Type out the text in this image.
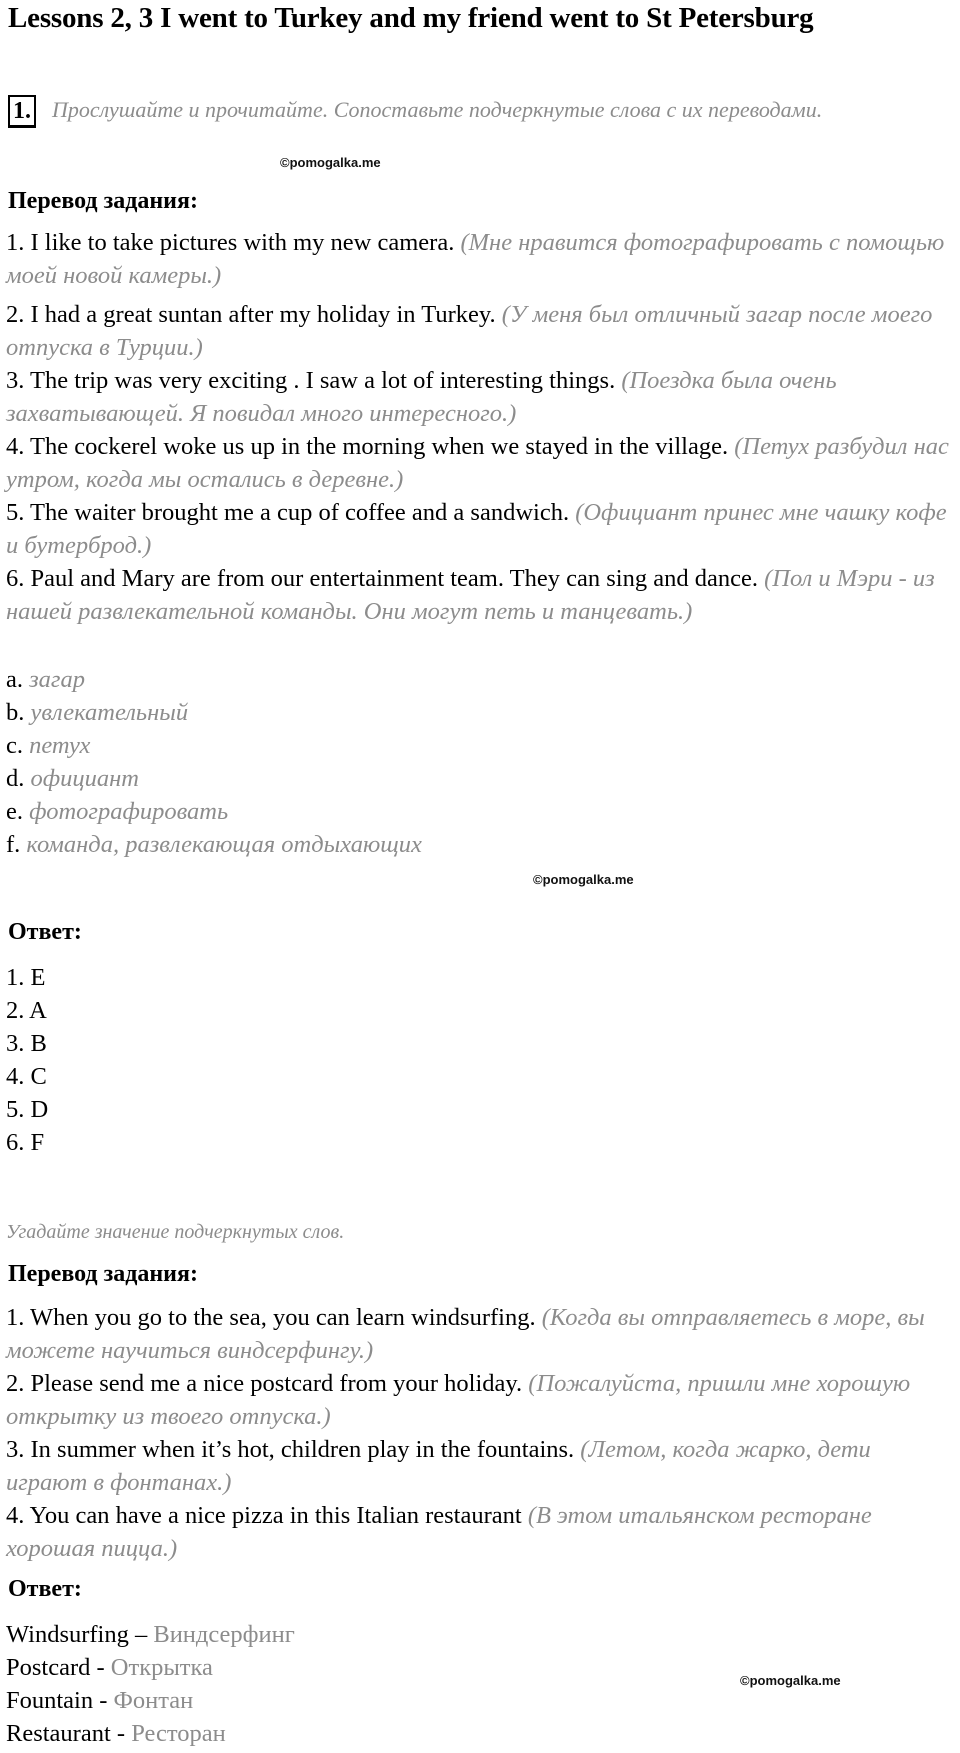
Lessons 2, 3 I went to Turkey and my friend went to St Petersburg
1. Прослушайте и прочитайте. Сопоставьте подчеркнутые слова с их переводами.
©pomogalka.me
Перевод задания:
1. I like to take pictures with my new camera. (Мне нравится фотографировать с помощью моей новой камеры.)
2. I had a great suntan after my holiday in Turkey. (У меня был отличный загар после моего отпуска в Турции.)
3. The trip was very exciting . I saw a lot of interesting things. (Поездка была очень захватывающей. Я повидал много интересного.)
4. The cockerel woke us up in the morning when we stayed in the village. (Петух разбудил нас утром, когда мы остались в деревне.)
5. The waiter brought me a cup of coffee and a sandwich. (Официант принес мне чашку кофе и бутерброд.)
6. Paul and Mary are from our entertainment team. They can sing and dance. (Пол и Мэри - из нашей развлекательной команды. Они могут петь и танцевать.)
a. загар
b. увлекательный
c. петух
d. официант
e. фотографировать
f. команда, развлекающая отдыхающих
©pomogalka.me
Ответ:
1. E
2. A
3. B
4. C
5. D
6. F
Угадайте значение подчеркнутых слов.
Перевод задания:
1. When you go to the sea, you can learn windsurfing. (Когда вы отправляетесь в море, вы можете научиться виндсерфингу.)
2. Please send me a nice postcard from your holiday. (Пожалуйста, пришли мне хорошую открытку из твоего отпуска.)
3. In summer when it’s hot, children play in the fountains. (Летом, когда жарко, дети играют в фонтанах.)
4. You can have a nice pizza in this Italian restaurant (В этом итальянском ресторане хорошая пицца.)
Ответ:
Windsurfing – Виндсерфинг
Postcard - Открытка
Fountain - Фонтан
Restaurant - Ресторан
©pomogalka.me
